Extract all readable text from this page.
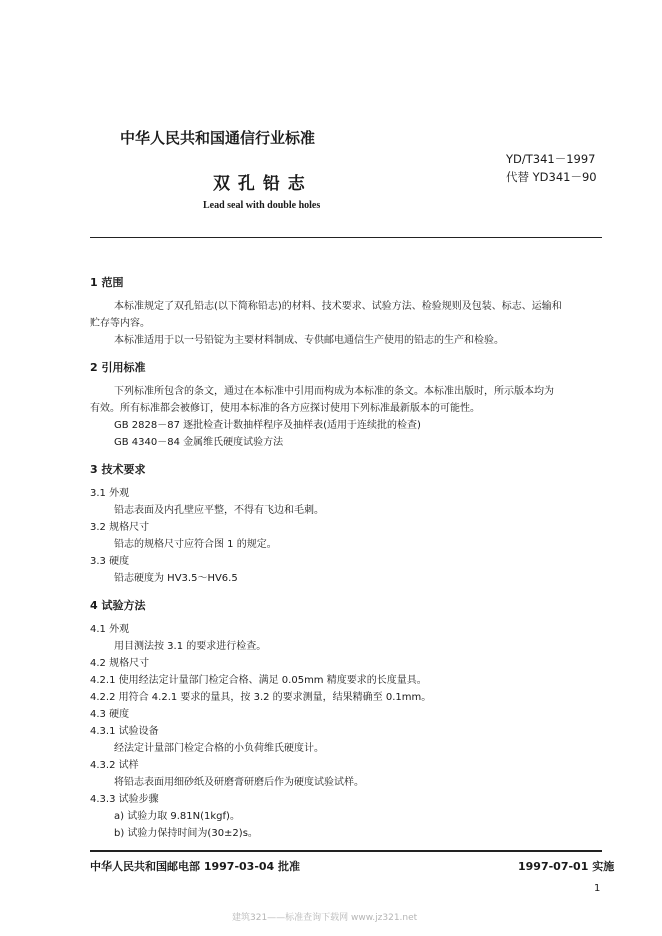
中华人民共和国通信行业标准
YD/T341－1997
代替 YD341－90
双 孔 铅 志
Lead seal with double holes
1 范围
本标准规定了双孔铅志(以下简称铅志)的材料、技术要求、试验方法、检验规则及包装、标志、运输和
贮存等内容。
本标准适用于以一号铅锭为主要材料制成、专供邮电通信生产使用的铅志的生产和检验。
2 引用标准
下列标准所包含的条文，通过在本标准中引用而构成为本标准的条文。本标准出版时，所示版本均为
有效。所有标准都会被修订，使用本标准的各方应探讨使用下列标准最新版本的可能性。
GB 2828－87 逐批检查计数抽样程序及抽样表(适用于连续批的检查)
GB 4340－84 金属维氏硬度试验方法
3 技术要求
3.1 外观
铅志表面及内孔壁应平整，不得有飞边和毛刺。
3.2 规格尺寸
铅志的规格尺寸应符合图 1 的规定。
3.3 硬度
铅志硬度为 HV3.5～HV6.5
4 试验方法
4.1 外观
用目测法按 3.1 的要求进行检查。
4.2 规格尺寸
4.2.1 使用经法定计量部门检定合格、满足 0.05mm 精度要求的长度量具。
4.2.2 用符合 4.2.1 要求的量具，按 3.2 的要求测量，结果精确至 0.1mm。
4.3 硬度
4.3.1 试验设备
经法定计量部门检定合格的小负荷维氏硬度计。
4.3.2 试样
将铅志表面用细砂纸及研磨膏研磨后作为硬度试验试样。
4.3.3 试验步骤
a) 试验力取 9.81N(1kgf)。
b) 试验力保持时间为(30±2)s。
中华人民共和国邮电部 1997-03-04 批准	1997-07-01 实施
1
建筑321——标准查询下载网 www.jz321.net
